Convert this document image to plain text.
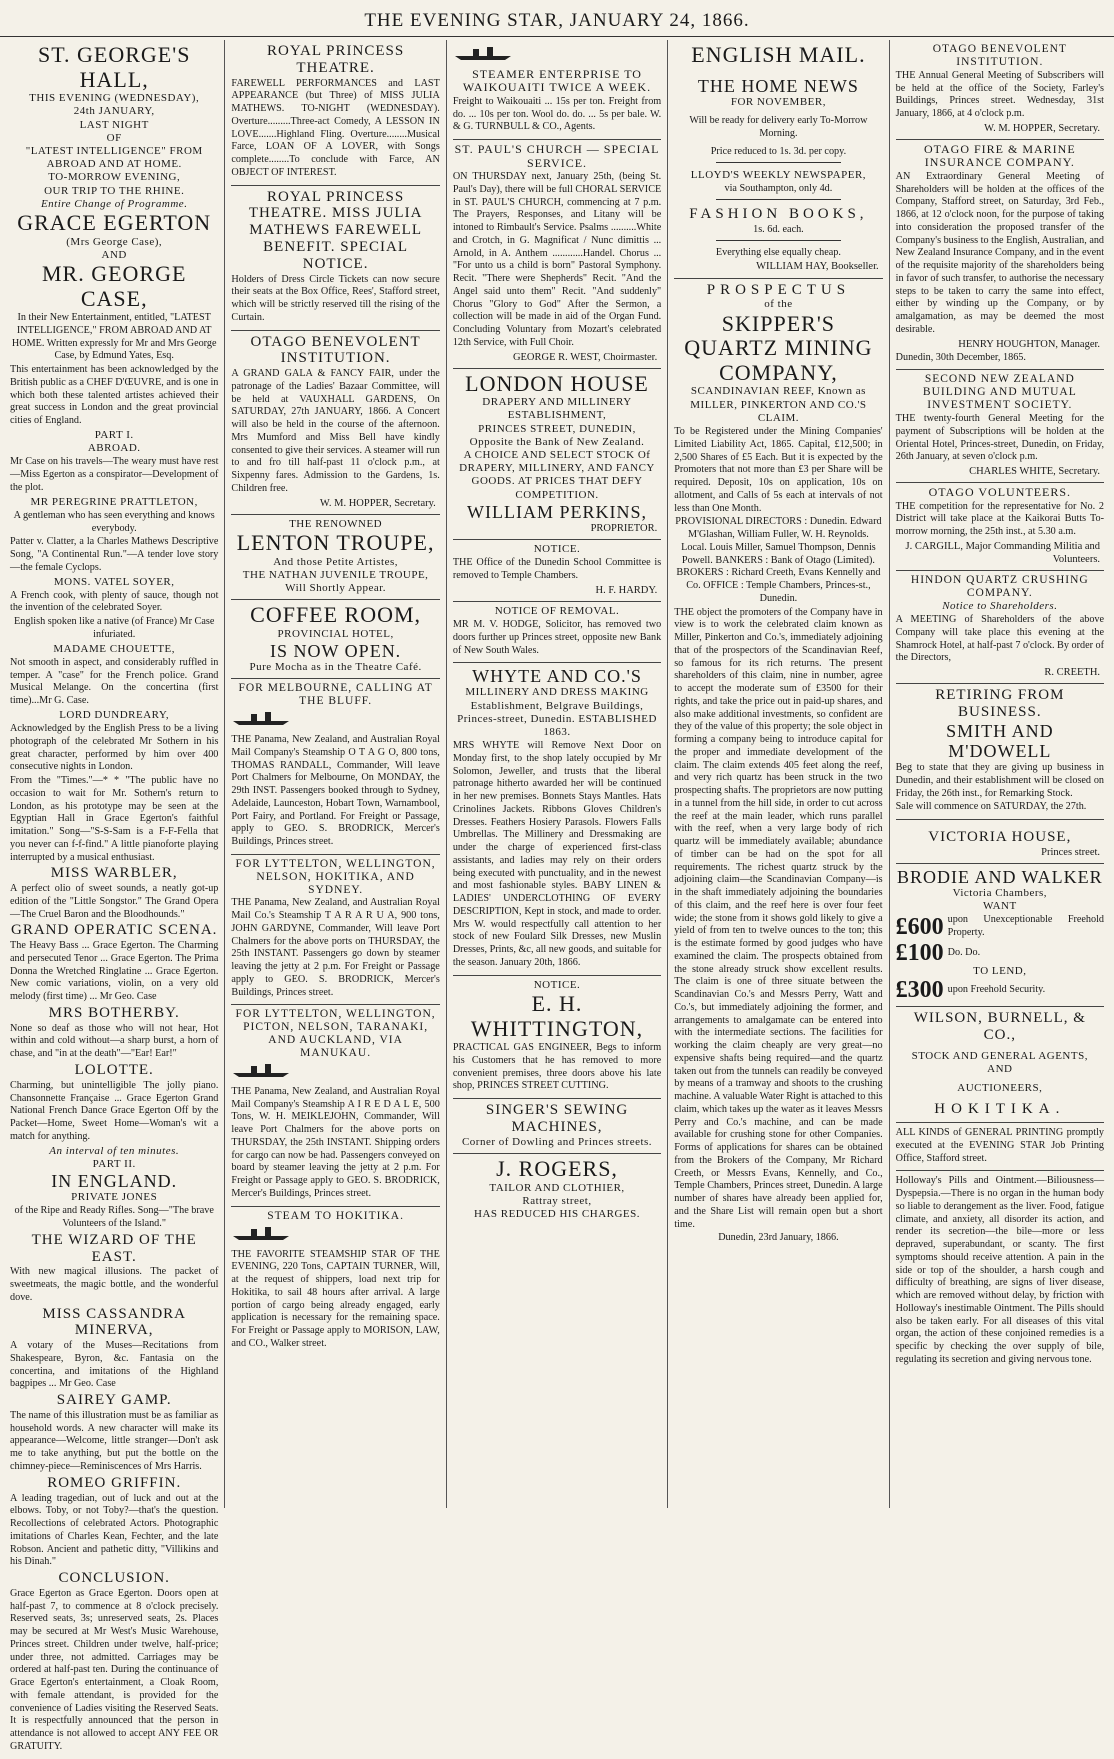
THE EVENING STAR, JANUARY 24, 1866.
ST. GEORGE'S HALL,
THIS EVENING (WEDNESDAY),
24th JANUARY,
LAST NIGHT
OF
"LATEST INTELLIGENCE" FROM
ABROAD AND AT HOME.
TO-MORROW EVENING,
OUR TRIP TO THE RHINE.
Entire Change of Programme.
GRACE EGERTON
(Mrs George Case),
AND
MR. GEORGE CASE,
In their New Entertainment, entitled, "LATEST INTELLIGENCE," FROM ABROAD AND AT HOME. Written expressly for Mr and Mrs George Case, by Edmund Yates, Esq.
This entertainment has been acknowledged by the British public as a CHEF D'ŒUVRE, and is one in which both these talented artistes achieved their great success in London and the great provincial cities of England.
PART I.
ABROAD.
Mr Case on his travels—The weary must have rest—Miss Egerton as a conspirator—Development of the plot.
MR PEREGRINE PRATTLETON,
A gentleman who has seen everything and knows everybody.
Patter v. Clatter, a la Charles Mathews Descriptive Song, "A Continental Run."—A tender love story—the female Cyclops.
MONS. VATEL SOYER,
A French cook, with plenty of sauce, though not the invention of the celebrated Soyer.
English spoken like a native (of France) Mr Case infuriated.
MADAME CHOUETTE,
Not smooth in aspect, and considerably ruffled in temper. A "case" for the French police. Grand Musical Melange. On the concertina (first time)...Mr G. Case.
LORD DUNDREARY,
Acknowledged by the English Press to be a living photograph of the celebrated Mr Sothern in his great character, performed by him over 400 consecutive nights in London.
From the "Times."—* * "The public have no occasion to wait for Mr. Sothern's return to London, as his prototype may be seen at the Egyptian Hall in Grace Egerton's faithful imitation." Song—"S-S-Sam is a F-F-Fella that you never can f-f-find." A little pianoforte playing interrupted by a musical enthusiast.
MISS WARBLER,
A perfect olio of sweet sounds, a neatly got-up edition of the "Little Songstor." The Grand Opera—The Cruel Baron and the Bloodhounds."
GRAND OPERATIC SCENA.
The Heavy Bass ... Grace Egerton. The Charming and persecuted Tenor ... Grace Egerton. The Prima Donna the Wretched Ringlatine ... Grace Egerton. New comic variations, violin, on a very old melody (first time) ... Mr Geo. Case
MRS BOTHERBY.
None so deaf as those who will not hear, Hot within and cold without—a sharp burst, a horn of chase, and "in at the death"—"Ear! Ear!"
LOLOTTE.
Charming, but unintelligible The jolly piano. Chansonnette Française ... Grace Egerton Grand National French Dance Grace Egerton Off by the Packet—Home, Sweet Home—Woman's wit a match for anything.
An interval of ten minutes.
PART II.
IN ENGLAND.
PRIVATE JONES
of the Ripe and Ready Rifles. Song—"The brave Volunteers of the Island."
THE WIZARD OF THE EAST.
With new magical illusions. The packet of sweetmeats, the magic bottle, and the wonderful dove.
MISS CASSANDRA MINERVA,
A votary of the Muses—Recitations from Shakespeare, Byron, &c. Fantasia on the concertina, and imitations of the Highland bagpipes ... Mr Geo. Case
SAIREY GAMP.
The name of this illustration must be as familiar as household words. A new character will make its appearance—Welcome, little stranger—Don't ask me to take anything, but put the bottle on the chimney-piece—Reminiscences of Mrs Harris.
ROMEO GRIFFIN.
A leading tragedian, out of luck and out at the elbows. Toby, or not Toby?—that's the question. Recollections of celebrated Actors. Photographic imitations of Charles Kean, Fechter, and the late Robson. Ancient and pathetic ditty, "Villikins and his Dinah."
CONCLUSION.
Grace Egerton as Grace Egerton. Doors open at half-past 7, to commence at 8 o'clock precisely. Reserved seats, 3s; unreserved seats, 2s. Places may be secured at Mr West's Music Warehouse, Princes street. Children under twelve, half-price; under three, not admitted. Carriages may be ordered at half-past ten. During the continuance of Grace Egerton's entertainment, a Cloak Room, with female attendant, is provided for the convenience of Ladies visiting the Reserved Seats. It is respectfully announced that the person in attendance is not allowed to accept ANY FEE OR GRATUITY.
ROYAL PRINCESS THEATRE.
FAREWELL PERFORMANCES and LAST APPEARANCE (but Three) of MISS JULIA MATHEWS. TO-NIGHT (WEDNESDAY). Overture.........Three-act Comedy, A LESSON IN LOVE.......Highland Fling. Overture........Musical Farce, LOAN OF A LOVER, with Songs complete........To conclude with Farce, AN OBJECT OF INTEREST.
ROYAL PRINCESS THEATRE. MISS JULIA MATHEWS FAREWELL BENEFIT. SPECIAL NOTICE.
Holders of Dress Circle Tickets can now secure their seats at the Box Office, Rees', Stafford street, which will be strictly reserved till the rising of the Curtain.
OTAGO BENEVOLENT INSTITUTION.
A GRAND GALA & FANCY FAIR, under the patronage of the Ladies' Bazaar Committee, will be held at VAUXHALL GARDENS, On SATURDAY, 27th JANUARY, 1866. A Concert will also be held in the course of the afternoon. Mrs Mumford and Miss Bell have kindly consented to give their services. A steamer will run to and fro till half-past 11 o'clock p.m., at Sixpenny fares. Admission to the Gardens, 1s. Children free.
W. M. HOPPER, Secretary.
THE RENOWNED
LENTON TROUPE,
And those Petite Artistes,
THE NATHAN JUVENILE TROUPE,
Will Shortly Appear.
COFFEE ROOM,
PROVINCIAL HOTEL,
IS NOW OPEN.
Pure Mocha as in the Theatre Café.
FOR MELBOURNE, CALLING AT THE BLUFF.
THE Panama, New Zealand, and Australian Royal Mail Company's Steamship O T A G O, 800 tons, THOMAS RANDALL, Commander, Will leave Port Chalmers for Melbourne, On MONDAY, the 29th INST. Passengers booked through to Sydney, Adelaide, Launceston, Hobart Town, Warnambool, Port Fairy, and Portland. For Freight or Passage, apply to GEO. S. BRODRICK, Mercer's Buildings, Princes street.
FOR LYTTELTON, WELLINGTON, NELSON, HOKITIKA, AND SYDNEY.
THE Panama, New Zealand, and Australian Royal Mail Co.'s Steamship T A R A R U A, 900 tons, JOHN GARDYNE, Commander, Will leave Port Chalmers for the above ports on THURSDAY, the 25th INSTANT. Passengers go down by steamer leaving the jetty at 2 p.m. For Freight or Passage apply to GEO. S. BRODRICK, Mercer's Buildings, Princes street.
FOR LYTTELTON, WELLINGTON, PICTON, NELSON, TARANAKI, AND AUCKLAND, VIA MANUKAU.
THE Panama, New Zealand, and Australian Royal Mail Company's Steamship A I R E D A L E, 500 Tons, W. H. MEIKLEJOHN, Commander, Will leave Port Chalmers for the above ports on THURSDAY, the 25th INSTANT. Shipping orders for cargo can now be had. Passengers conveyed on board by steamer leaving the jetty at 2 p.m. For Freight or Passage apply to GEO. S. BRODRICK, Mercer's Buildings, Princes street.
STEAM TO HOKITIKA.
THE FAVORITE STEAMSHIP STAR OF THE EVENING, 220 Tons, CAPTAIN TURNER, Will, at the request of shippers, load next trip for Hokitika, to sail 48 hours after arrival. A large portion of cargo being already engaged, early application is necessary for the remaining space. For Freight or Passage apply to MORISON, LAW, and CO., Walker street.
STEAMER ENTERPRISE TO WAIKOUAITI TWICE A WEEK.
Freight to Waikouaiti ... 15s per ton. Freight from do. ... 10s per ton. Wool do. do. ... 5s per bale. W. & G. TURNBULL & CO., Agents.
ST. PAUL'S CHURCH — SPECIAL SERVICE.
ON THURSDAY next, January 25th, (being St. Paul's Day), there will be full CHORAL SERVICE in ST. PAUL'S CHURCH, commencing at 7 p.m. The Prayers, Responses, and Litany will be intoned to Rimbault's Service. Psalms ..........White and Crotch, in G. Magnificat / Nunc dimittis ... Arnold, in A. Anthem ............Handel. Chorus ... "For unto us a child is born" Pastoral Symphony. Recit. "There were Shepherds" Recit. "And the Angel said unto them" Recit. "And suddenly" Chorus "Glory to God" After the Sermon, a collection will be made in aid of the Organ Fund. Concluding Voluntary from Mozart's celebrated 12th Service, with Full Choir.
GEORGE R. WEST, Choirmaster.
LONDON HOUSE
DRAPERY AND MILLINERY ESTABLISHMENT,
PRINCES STREET, DUNEDIN,
Opposite the Bank of New Zealand.
A CHOICE AND SELECT STOCK Of DRAPERY, MILLINERY, AND FANCY GOODS. AT PRICES THAT DEFY COMPETITION.
WILLIAM PERKINS,
PROPRIETOR.
NOTICE.
THE Office of the Dunedin School Committee is removed to Temple Chambers.
H. F. HARDY.
NOTICE OF REMOVAL.
MR M. V. HODGE, Solicitor, has removed two doors further up Princes street, opposite new Bank of New South Wales.
WHYTE AND CO.'S
MILLINERY AND DRESS MAKING Establishment, Belgrave Buildings, Princes-street, Dunedin. ESTABLISHED 1863.
MRS WHYTE will Remove Next Door on Monday first, to the shop lately occupied by Mr Solomon, Jeweller, and trusts that the liberal patronage hitherto awarded her will be continued in her new premises. Bonnets Stays Mantles. Hats Crinolines Jackets. Ribbons Gloves Children's Dresses. Feathers Hosiery Parasols. Flowers Falls Umbrellas. The Millinery and Dressmaking are under the charge of experienced first-class assistants, and ladies may rely on their orders being executed with punctuality, and in the newest and most fashionable styles. BABY LINEN & LADIES' UNDERCLOTHING OF EVERY DESCRIPTION, Kept in stock, and made to order. Mrs W. would respectfully call attention to her stock of new Foulard Silk Dresses, new Muslin Dresses, Prints, &c, all new goods, and suitable for the season. January 20th, 1866.
NOTICE.
E. H. WHITTINGTON,
PRACTICAL GAS ENGINEER, Begs to inform his Customers that he has removed to more convenient premises, three doors above his late shop, PRINCES STREET CUTTING.
SINGER'S SEWING MACHINES,
Corner of Dowling and Princes streets.
J. ROGERS,
TAILOR AND CLOTHIER,
Rattray street,
HAS REDUCED HIS CHARGES.
ENGLISH MAIL.
THE HOME NEWS
FOR NOVEMBER,
Will be ready for delivery early To-Morrow Morning.
Price reduced to 1s. 3d. per copy.
LLOYD'S WEEKLY NEWSPAPER,
via Southampton, only 4d.
FASHION BOOKS,
1s. 6d. each.
Everything else equally cheap.
WILLIAM HAY, Bookseller.
PROSPECTUS
of the
SKIPPER'S QUARTZ MINING COMPANY,
SCANDINAVIAN REEF, Known as MILLER, PINKERTON AND CO.'S CLAIM.
To be Registered under the Mining Companies' Limited Liability Act, 1865. Capital, £12,500; in 2,500 Shares of £5 Each. But it is expected by the Promoters that not more than £3 per Share will be required. Deposit, 10s on application, 10s on allotment, and Calls of 5s each at intervals of not less than One Month.
PROVISIONAL DIRECTORS : Dunedin. Edward M'Glashan, William Fuller, W. H. Reynolds. Local. Louis Miller, Samuel Thompson, Dennis Powell. BANKERS : Bank of Otago (Limited). BROKERS : Richard Creeth, Evans Kennelly and Co. OFFICE : Temple Chambers, Princes-st., Dunedin.
THE object the promoters of the Company have in view is to work the celebrated claim known as Miller, Pinkerton and Co.'s, immediately adjoining that of the prospectors of the Scandinavian Reef, so famous for its rich returns. The present shareholders of this claim, nine in number, agree to accept the moderate sum of £3500 for their rights, and take the price out in paid-up shares, and also make additional investments, so confident are they of the value of this property; the sole object in forming a company being to introduce capital for the proper and immediate development of the claim. The claim extends 405 feet along the reef, and very rich quartz has been struck in the two prospecting shafts. The proprietors are now putting in a tunnel from the hill side, in order to cut across the reef at the main leader, which runs parallel with the reef, when a very large body of rich quartz will be immediately available; abundance of timber can be had on the spot for all requirements. The richest quartz struck by the adjoining claim—the Scandinavian Company—is in the shaft immediately adjoining the boundaries of this claim, and the reef here is over four feet wide; the stone from it shows gold likely to give a yield of from ten to twelve ounces to the ton; this is the estimate formed by good judges who have examined the claim. The prospects obtained from the stone already struck show excellent results. The claim is one of three situate between the Scandinavian Co.'s and Messrs Perry, Watt and Co.'s, but immediately adjoining the former, and arrangements to amalgamate can be entered into with the intermediate sections. The facilities for working the claim cheaply are very great—no expensive shafts being required—and the quartz taken out from the tunnels can readily be conveyed by means of a tramway and shoots to the crushing machine. A valuable Water Right is attached to this claim, which takes up the water as it leaves Messrs Perry and Co.'s machine, and can be made available for crushing stone for other Companies. Forms of applications for shares can be obtained from the Brokers of the Company, Mr Richard Creeth, or Messrs Evans, Kennelly, and Co., Temple Chambers, Princes street, Dunedin. A large number of shares have already been applied for, and the Share List will remain open but a short time.
Dunedin, 23rd January, 1866.
OTAGO BENEVOLENT INSTITUTION.
THE Annual General Meeting of Subscribers will be held at the office of the Society, Farley's Buildings, Princes street. Wednesday, 31st January, 1866, at 4 o'clock p.m.
W. M. HOPPER, Secretary.
OTAGO FIRE & MARINE INSURANCE COMPANY.
AN Extraordinary General Meeting of Shareholders will be holden at the offices of the Company, Stafford street, on Saturday, 3rd Feb., 1866, at 12 o'clock noon, for the purpose of taking into consideration the proposed transfer of the Company's business to the English, Australian, and New Zealand Insurance Company, and in the event of the requisite majority of the shareholders being in favor of such transfer, to authorise the necessary steps to be taken to carry the same into effect, either by winding up the Company, or by amalgamation, as may be deemed the most desirable.
HENRY HOUGHTON, Manager.
Dunedin, 30th December, 1865.
SECOND NEW ZEALAND BUILDING AND MUTUAL INVESTMENT SOCIETY.
THE twenty-fourth General Meeting for the payment of Subscriptions will be holden at the Oriental Hotel, Princes-street, Dunedin, on Friday, 26th January, at seven o'clock p.m.
CHARLES WHITE, Secretary.
OTAGO VOLUNTEERS.
THE competition for the representative for No. 2 District will take place at the Kaikorai Butts To-morrow morning, the 25th inst., at 5.30 a.m.
J. CARGILL, Major Commanding Militia and Volunteers.
HINDON QUARTZ CRUSHING COMPANY.
Notice to Shareholders.
A MEETING of Shareholders of the above Company will take place this evening at the Shamrock Hotel, at half-past 7 o'clock. By order of the Directors,
R. CREETH.
RETIRING FROM BUSINESS.
SMITH AND M'DOWELL
Beg to state that they are giving up business in Dunedin, and their establishment will be closed on Friday, the 26th inst., for Remarking Stock.
Sale will commence on SATURDAY, the 27th.
VICTORIA HOUSE,
Princes street.
BRODIE AND WALKER
Victoria Chambers,
WANT
£600 upon Unexceptionable Freehold Property.
£100 Do. Do.
TO LEND,
£300 upon Freehold Security.
WILSON, BURNELL, & CO.,
STOCK AND GENERAL AGENTS,
AND
AUCTIONEERS,
HOKITIKA.
ALL KINDS of GENERAL PRINTING promptly executed at the EVENING STAR Job Printing Office, Stafford street.
Holloway's Pills and Ointment.—Biliousness—Dyspepsia.—There is no organ in the human body so liable to derangement as the liver. Food, fatigue climate, and anxiety, all disorder its action, and render its secretion—the bile—more or less depraved, superabundant, or scanty. The first symptoms should receive attention. A pain in the side or top of the shoulder, a harsh cough and difficulty of breathing, are signs of liver disease, which are removed without delay, by friction with Holloway's inestimable Ointment. The Pills should also be taken early. For all diseases of this vital organ, the action of these conjoined remedies is a specific by checking the over supply of bile, regulating its secretion and giving nervous tone.
